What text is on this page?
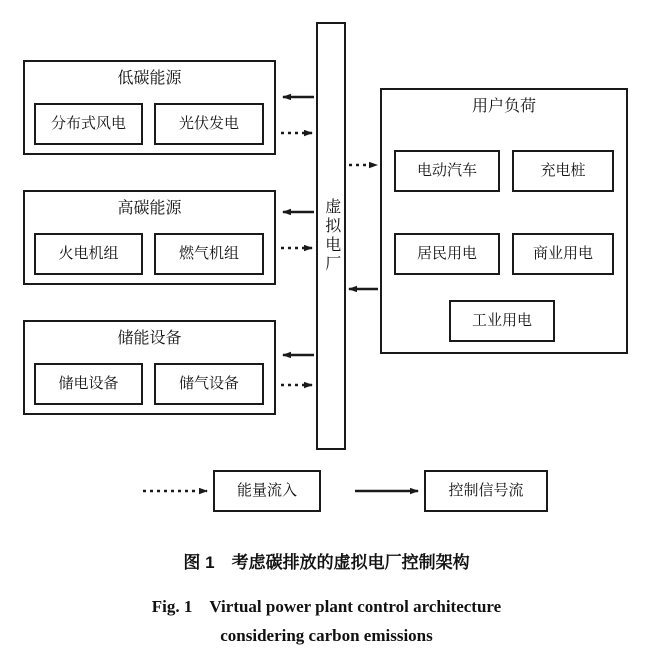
虚拟电厂
低碳能源
分布式风电	光伏发电
高碳能源
火电机组	燃气机组
储能设备
储电设备	储气设备
用户负荷
电动汽车	充电桩
居民用电	商业用电
工业用电
能量流入	控制信号流
图 1　考虑碳排放的虚拟电厂控制架构
Fig. 1　Virtual power plant control architecture
considering carbon emissions
